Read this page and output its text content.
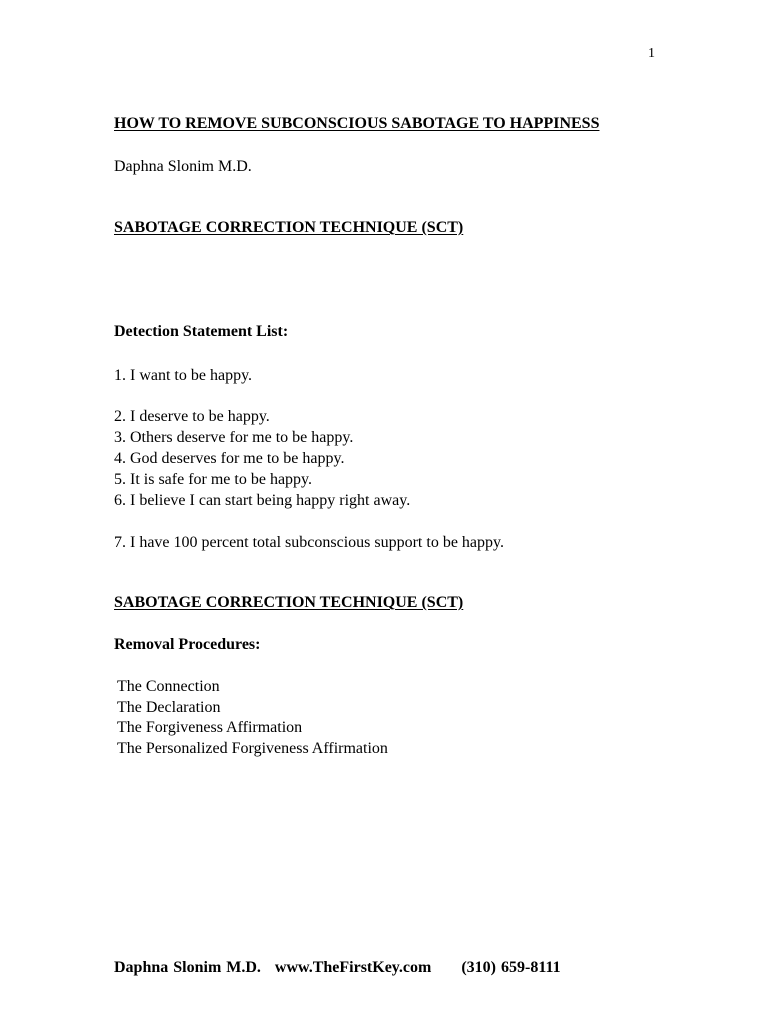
1
HOW TO REMOVE SUBCONSCIOUS SABOTAGE TO HAPPINESS
Daphna Slonim M.D.
SABOTAGE CORRECTION TECHNIQUE (SCT)
Detection Statement List:
1. I want to be happy.
2. I deserve to be happy.
3. Others deserve for me to be happy.
4. God deserves for me to be happy.
5. It is safe for me to be happy.
6. I believe I can start being happy right away.
7. I have 100 percent total subconscious support to be happy.
SABOTAGE CORRECTION TECHNIQUE (SCT)
Removal Procedures:
The Connection
The Declaration
The Forgiveness Affirmation
The Personalized Forgiveness Affirmation
Daphna Slonim M.D. www.TheFirstKey.com (310) 659-8111
